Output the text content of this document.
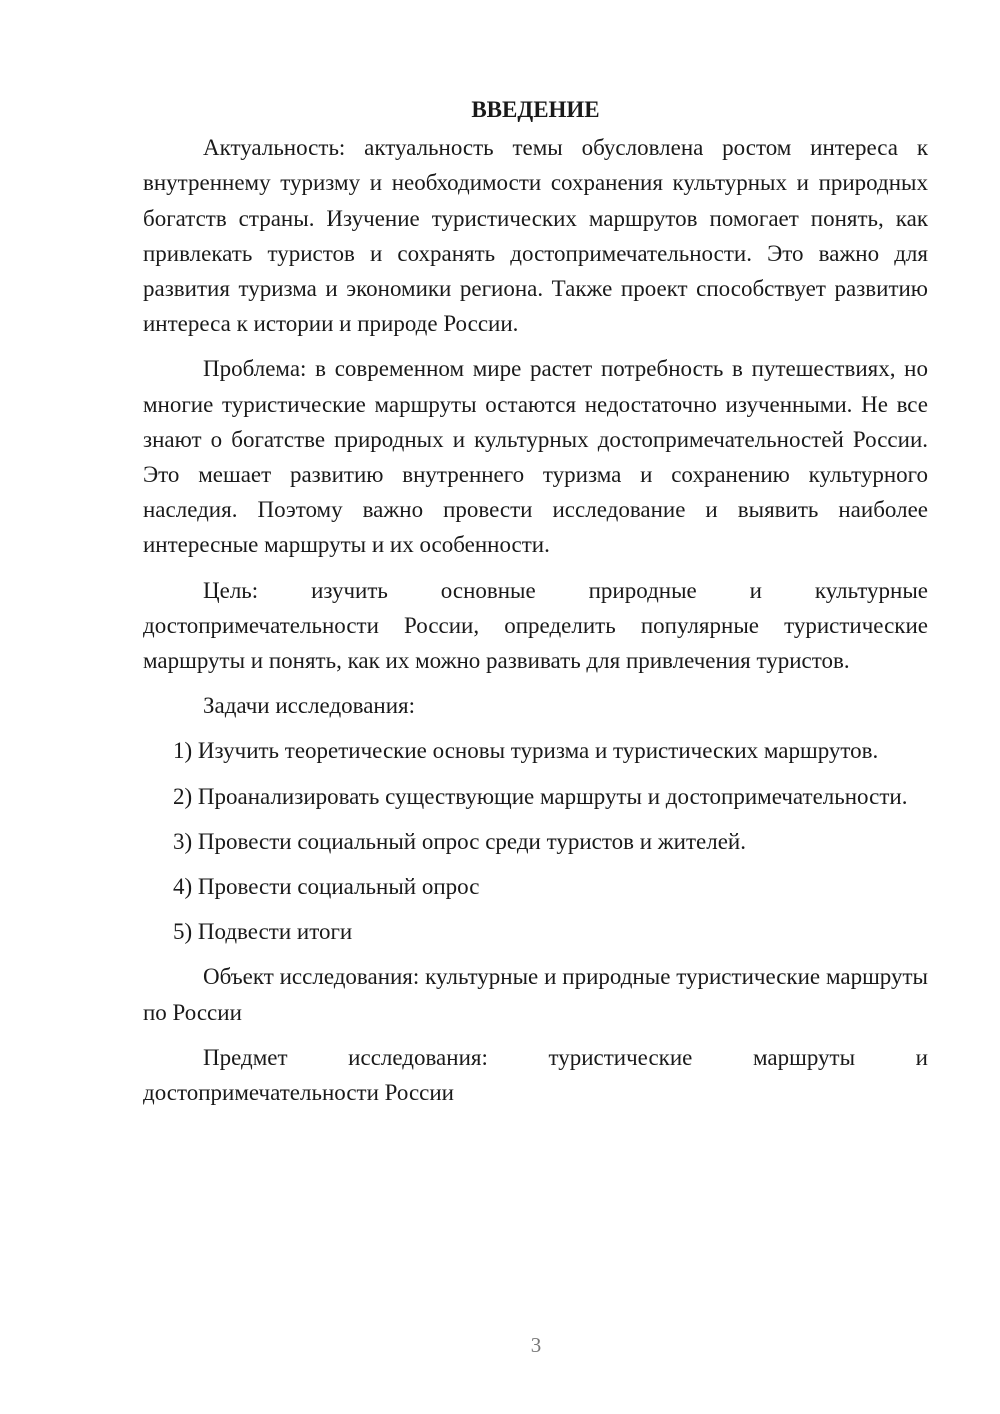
ВВЕДЕНИЕ

Актуальность: актуальность темы обусловлена ростом интереса к внутреннему туризму и необходимости сохранения культурных и природных богатств страны. Изучение туристических маршрутов помогает понять, как привлекать туристов и сохранять достопримечательности. Это важно для развития туризма и экономики региона. Также проект способствует развитию интереса к истории и природе России.

Проблема: в современном мире растет потребность в путешествиях, но многие туристические маршруты остаются недостаточно изученными. Не все знают о богатстве природных и культурных достопримечательностей России. Это мешает развитию внутреннего туризма и сохранению культурного наследия. Поэтому важно провести исследование и выявить наиболее интересные маршруты и их особенности.

Цель: изучить основные природные и культурные достопримечательности России, определить популярные туристические маршруты и понять, как их можно развивать для привлечения туристов.

Задачи исследования:

1) Изучить теоретические основы туризма и туристических маршрутов.

2) Проанализировать существующие маршруты и достопримечательности.

3) Провести социальный опрос среди туристов и жителей.

4) Провести социальный опрос

5) Подвести итоги

Объект исследования: культурные и природные туристические маршруты по России

Предмет исследования: туристические маршруты и достопримечательности России

3
